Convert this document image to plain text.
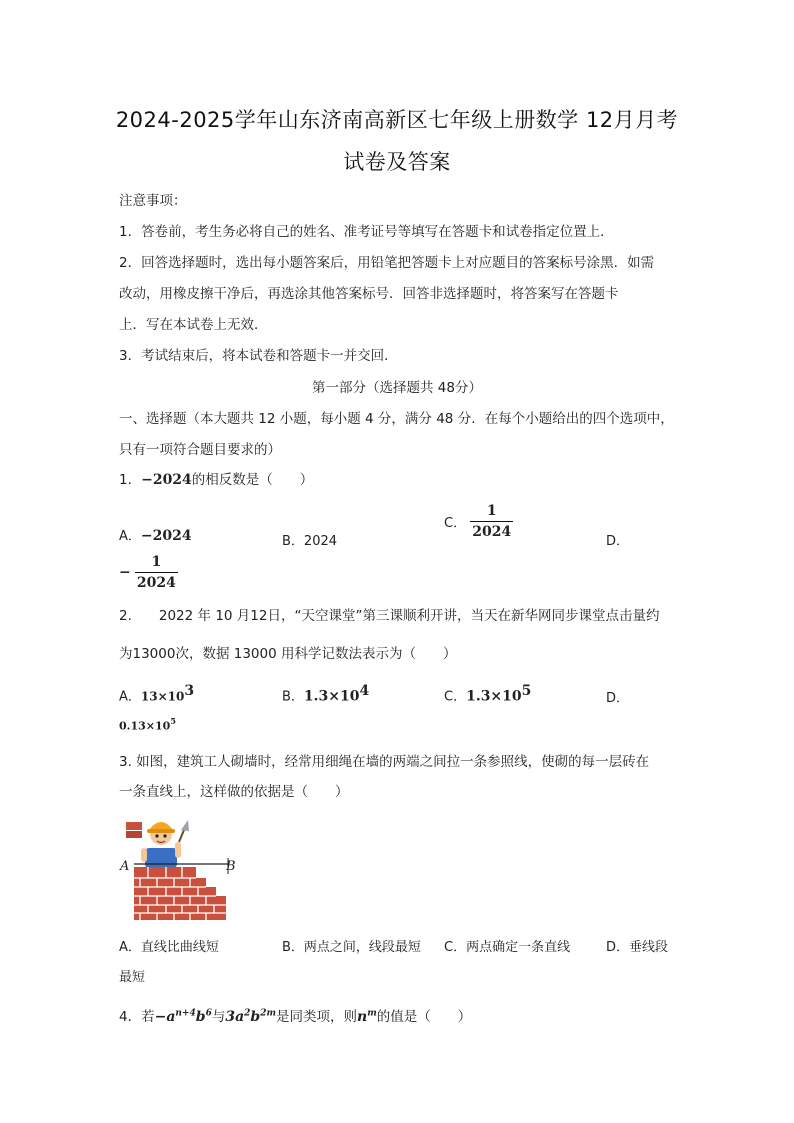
2024-2025学年山东济南高新区七年级上册数学 12月月考
试卷及答案
注意事项：
1．答卷前，考生务必将自己的姓名、准考证号等填写在答题卡和试卷指定位置上．
2．回答选择题时，选出每小题答案后，用铅笔把答题卡上对应题目的答案标号涂黑．如需
改动，用橡皮擦干净后，再选涂其他答案标号．回答非选择题时，将答案写在答题卡
上．写在本试卷上无效．
3．考试结束后，将本试卷和答题卡一并交回．
第一部分（选择题共 48分）
一、选择题（本大题共 12 小题，每小题 4 分，满分 48 分．在每个小题给出的四个选项中，
只有一项符合题目要求的）
1．−2024的相反数是（　　）
A．−2024	B．2024
C． $\frac{1}{2024}$
D．
− $\frac{1}{2024}$
2.　　2022 年 10 月12日，“天空课堂”第三课顺利开讲，当天在新华网同步课堂点击量约
为13000次，数据 13000 用科学记数法表示为（　　）
A．$13\times 10^3$	B．$1.3\times 10^4$	C．$1.3\times 10^5$	D．
$0.13\times 10^5$
3. 如图，建筑工人砌墙时，经常用细绳在墙的两端之间拉一条参照线，使砌的每一层砖在
一条直线上，这样做的依据是（　　）
A	B
A．直线比曲线短	B．两点之间，线段最短 C．两点确定一条直线	D．垂线段
最短
4．若$-a^{n+4}b^6$与$3a^2b^{2m}$是同类项，则$n^m$的值是（　　）
